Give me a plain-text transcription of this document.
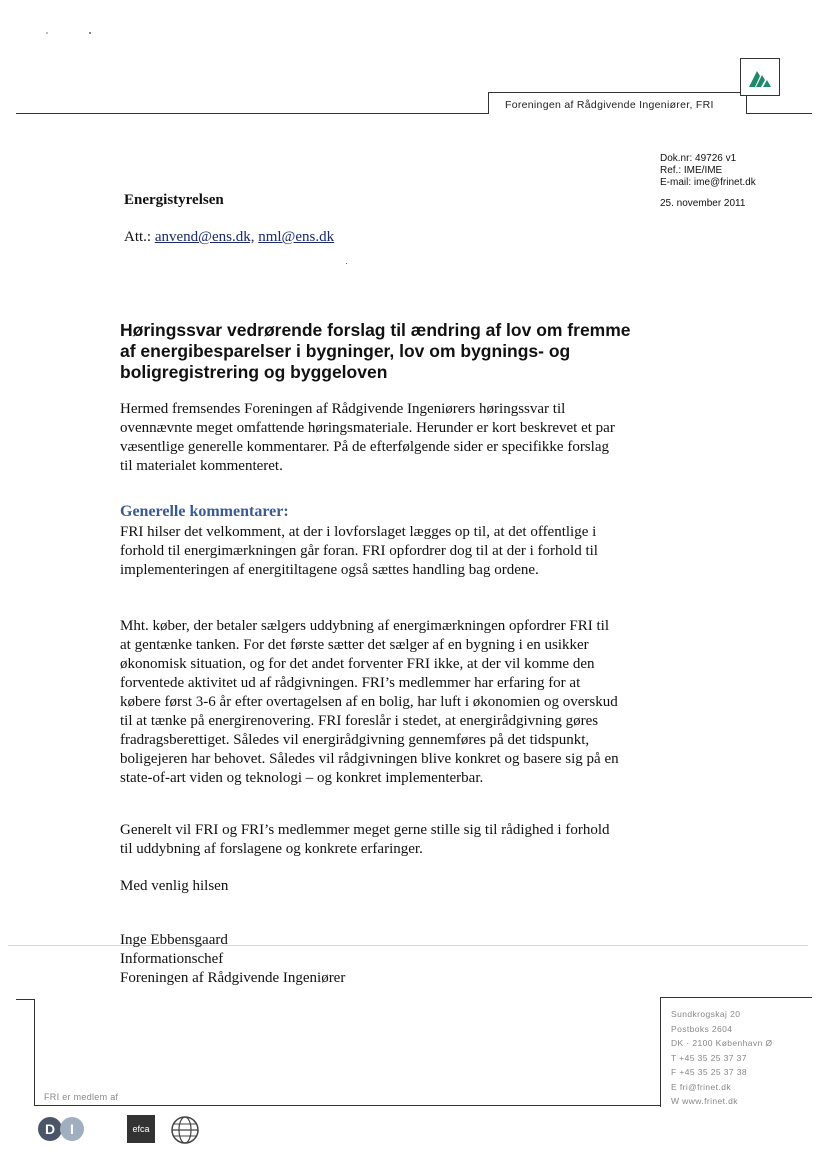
Foreningen af Rådgivende Ingeniører, FRI
Dok.nr: 49726 v1
Ref.: IME/IME
E-mail: ime@frinet.dk
25. november 2011
Energistyrelsen
Att.: anvend@ens.dk, nml@ens.dk
Høringssvar vedrørende forslag til ændring af lov om fremme af energibesparelser i bygninger, lov om bygnings- og boligregistrering og byggeloven
Hermed fremsendes Foreningen af Rådgivende Ingeniørers høringssvar til ovennævnte meget omfattende høringsmateriale. Herunder er kort beskrevet et par væsentlige generelle kommentarer. På de efterfølgende sider er specifikke forslag til materialet kommenteret.
Generelle kommentarer:
FRI hilser det velkomment, at der i lovforslaget lægges op til, at det offentlige i forhold til energimærkningen går foran. FRI opfordrer dog til at der i forhold til implementeringen af energitiltagene også sættes handling bag ordene.
Mht. køber, der betaler sælgers uddybning af energimærkningen opfordrer FRI til at gentænke tanken. For det første sætter det sælger af en bygning i en usikker økonomisk situation, og for det andet forventer FRI ikke, at der vil komme den forventede aktivitet ud af rådgivningen. FRI’s medlemmer har erfaring for at købere først 3-6 år efter overtagelsen af en bolig, har luft i økonomien og overskud til at tænke på energirenovering. FRI foreslår i stedet, at energirådgivning gøres fradragsberettiget. Således vil energirådgivning gennemføres på det tidspunkt, boligejeren har behovet. Således vil rådgivningen blive konkret og basere sig på en state-of-art viden og teknologi – og konkret implementerbar.
Generelt vil FRI og FRI’s medlemmer meget gerne stille sig til rådighed i forhold til uddybning af forslagene og konkrete erfaringer.
Med venlig hilsen
Inge Ebbensgaard
Informationschef
Foreningen af Rådgivende Ingeniører
FRI er medlem af
Sundkrogskaj 20
Postboks 2604
DK · 2100 København Ø
T +45 35 25 37 37
F +45 35 25 37 38
E fri@frinet.dk
W www.frinet.dk
D I	efca
